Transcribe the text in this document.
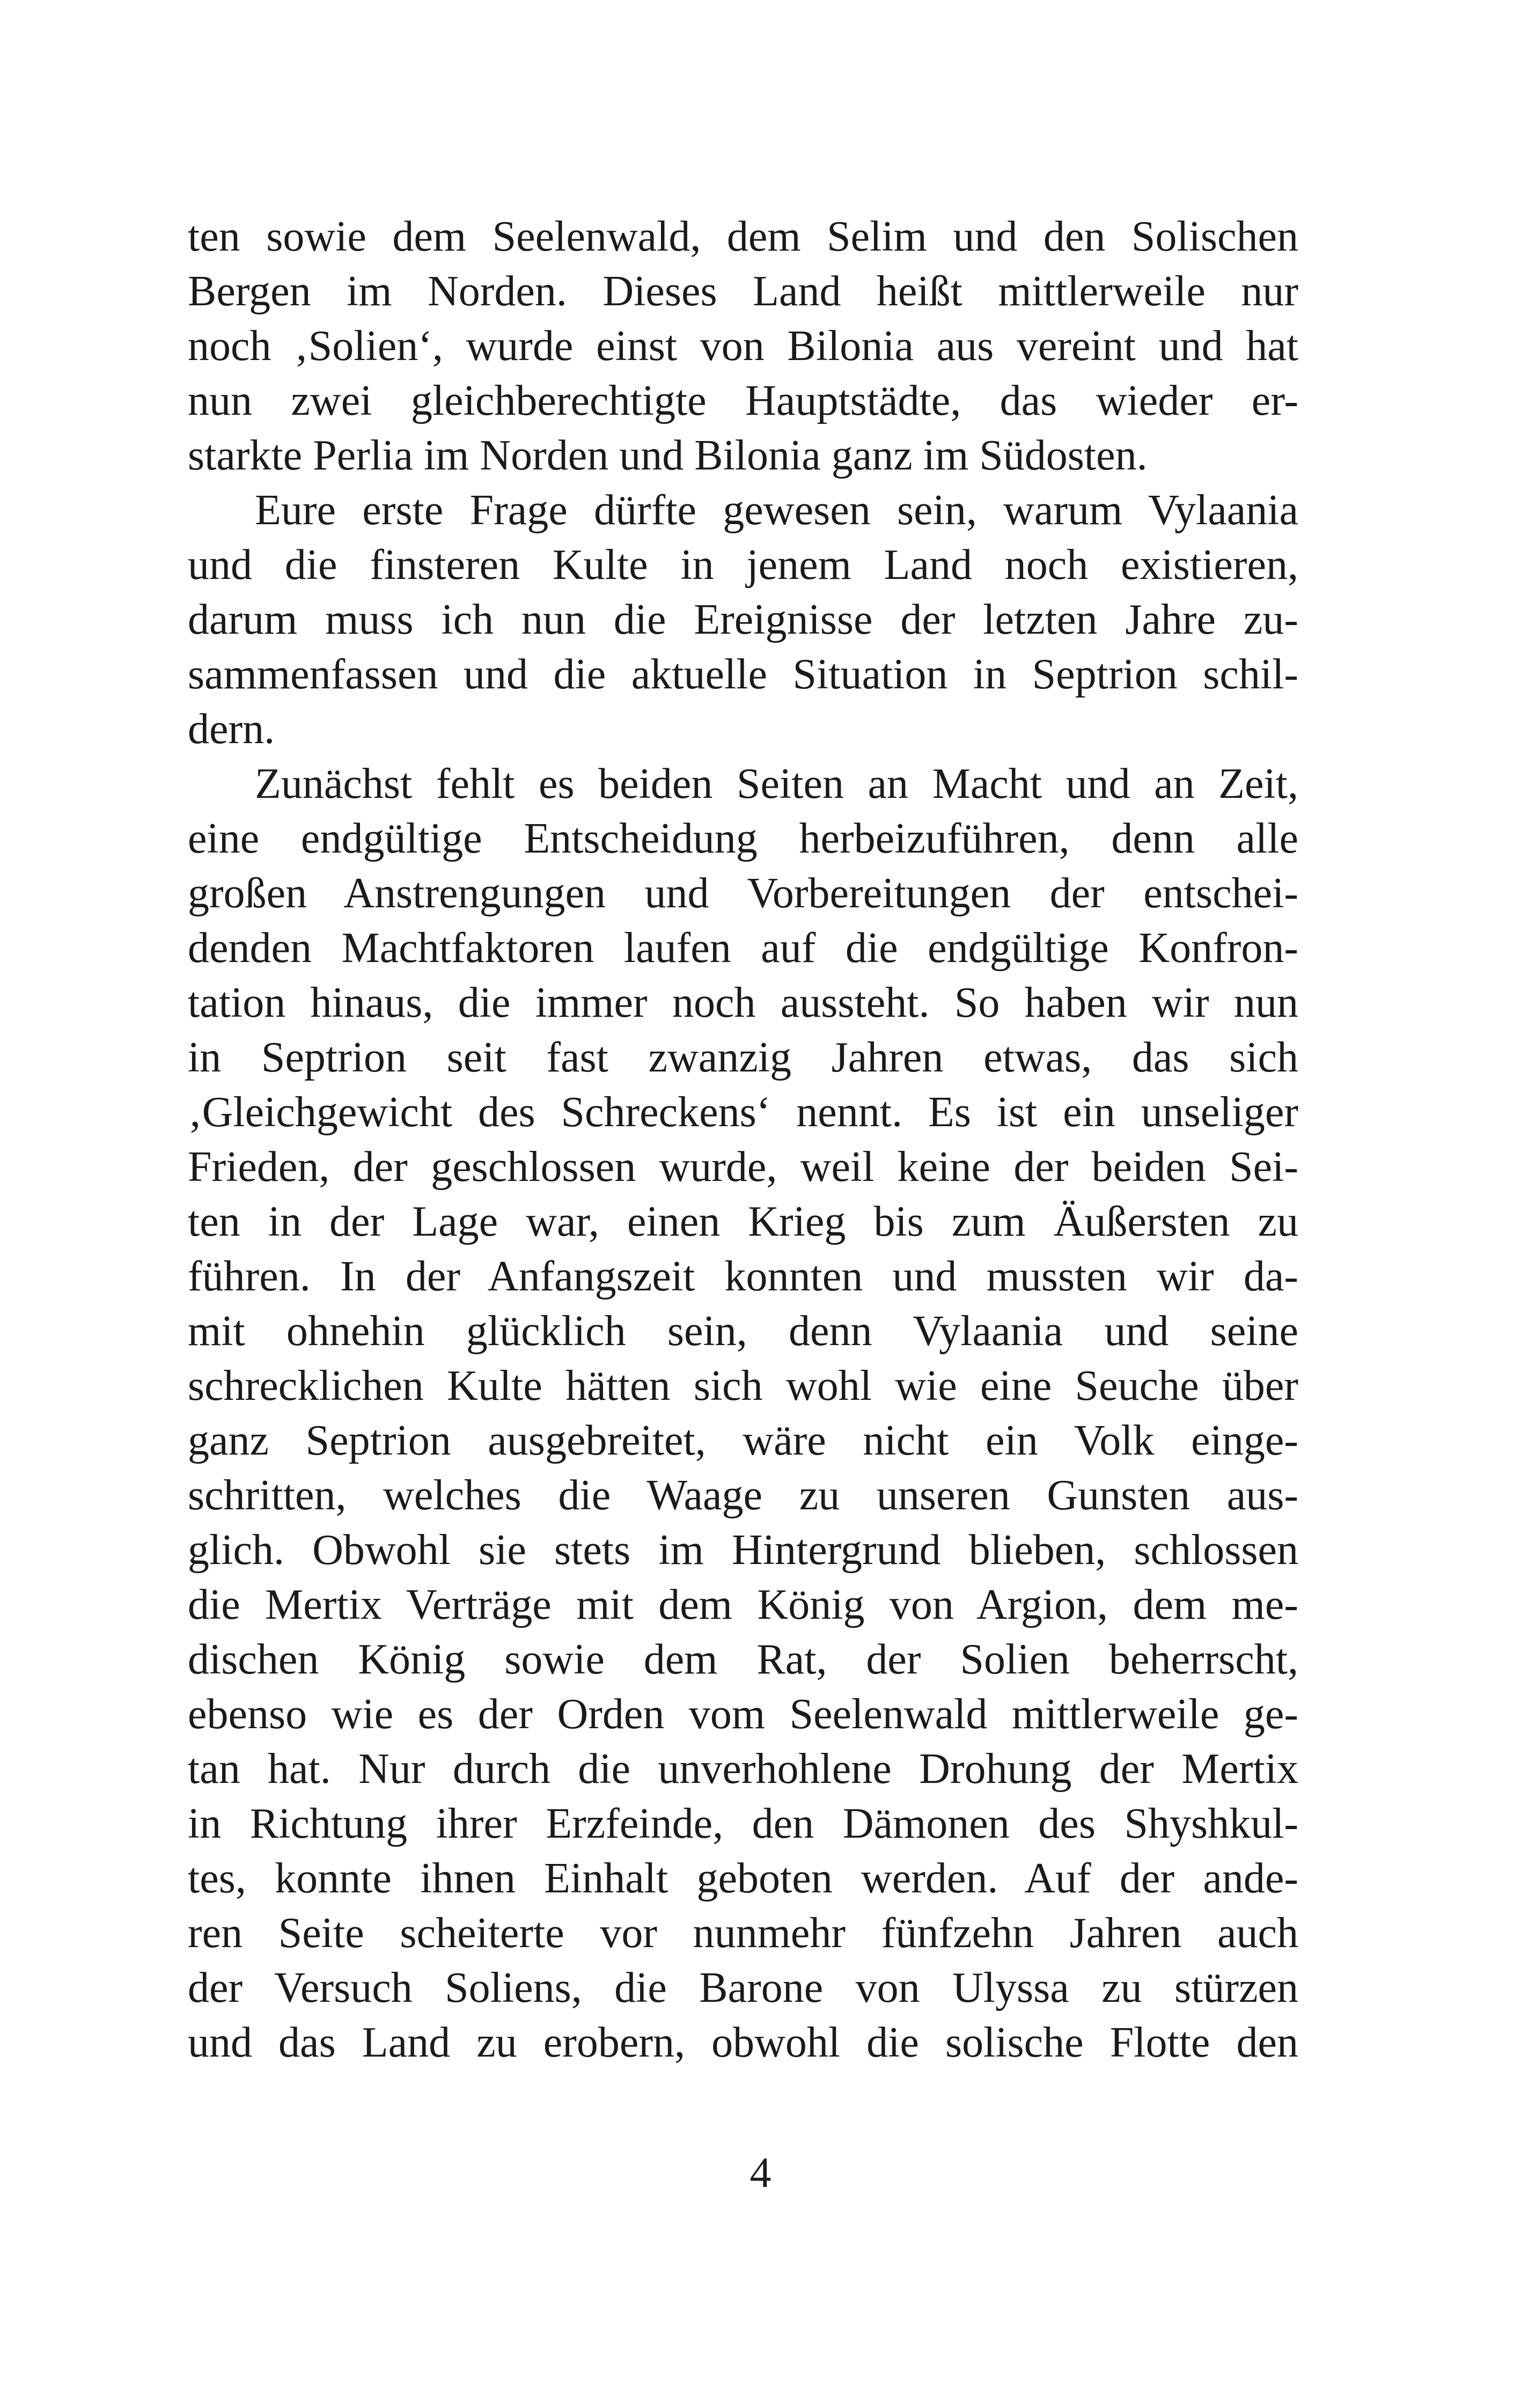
ten sowie dem Seelenwald, dem Selim und den Solischen
Bergen im Norden. Dieses Land heißt mittlerweile nur
noch ‚Solien‘, wurde einst von Bilonia aus vereint und hat
nun zwei gleichberechtigte Hauptstädte, das wieder er-
starkte Perlia im Norden und Bilonia ganz im Südosten.
Eure erste Frage dürfte gewesen sein, warum Vylaania
und die finsteren Kulte in jenem Land noch existieren,
darum muss ich nun die Ereignisse der letzten Jahre zu-
sammenfassen und die aktuelle Situation in Septrion schil-
dern.
Zunächst fehlt es beiden Seiten an Macht und an Zeit,
eine endgültige Entscheidung herbeizuführen, denn alle
großen Anstrengungen und Vorbereitungen der entschei-
denden Machtfaktoren laufen auf die endgültige Konfron-
tation hinaus, die immer noch aussteht. So haben wir nun
in Septrion seit fast zwanzig Jahren etwas, das sich
‚Gleichgewicht des Schreckens‘ nennt. Es ist ein unseliger
Frieden, der geschlossen wurde, weil keine der beiden Sei-
ten in der Lage war, einen Krieg bis zum Äußersten zu
führen. In der Anfangszeit konnten und mussten wir da-
mit ohnehin glücklich sein, denn Vylaania und seine
schrecklichen Kulte hätten sich wohl wie eine Seuche über
ganz Septrion ausgebreitet, wäre nicht ein Volk einge-
schritten, welches die Waage zu unseren Gunsten aus-
glich. Obwohl sie stets im Hintergrund blieben, schlossen
die Mertix Verträge mit dem König von Argion, dem me-
dischen König sowie dem Rat, der Solien beherrscht,
ebenso wie es der Orden vom Seelenwald mittlerweile ge-
tan hat. Nur durch die unverhohlene Drohung der Mertix
in Richtung ihrer Erzfeinde, den Dämonen des Shyshkul-
tes, konnte ihnen Einhalt geboten werden. Auf der ande-
ren Seite scheiterte vor nunmehr fünfzehn Jahren auch
der Versuch Soliens, die Barone von Ulyssa zu stürzen
und das Land zu erobern, obwohl die solische Flotte den
4
